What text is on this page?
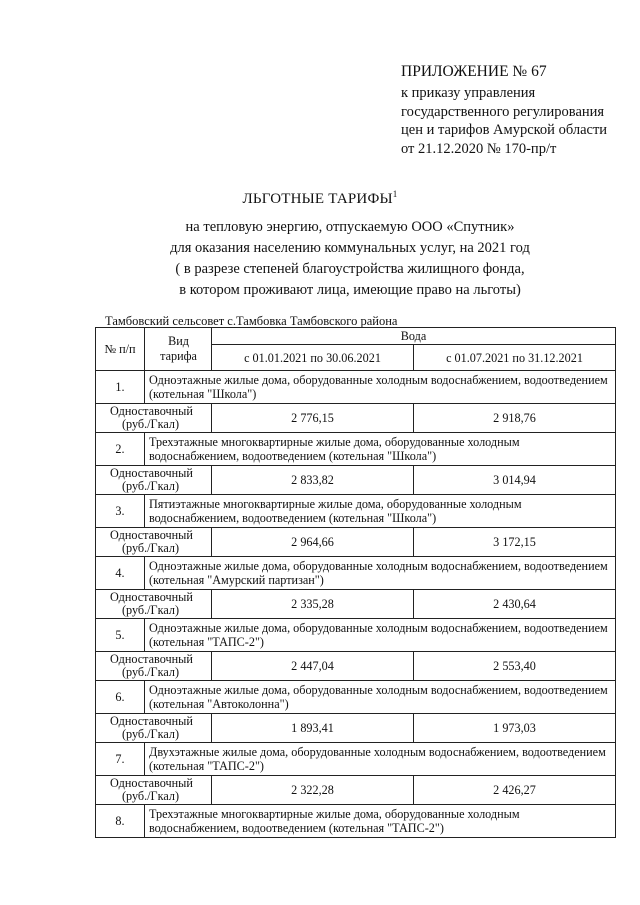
ПРИЛОЖЕНИЕ № 67
к приказу управления
государственного регулирования
цен и тарифов Амурской области
от 21.12.2020 № 170-пр/т
ЛЬГОТНЫЕ ТАРИФЫ$^1$
на тепловую энергию, отпускаемую ООО «Спутник»
для оказания населению коммунальных услуг, на 2021 год
( в разрезе степеней благоустройства жилищного фонда,
в котором проживают лица, имеющие право на льготы)
Тамбовский сельсовет с.Тамбовка Тамбовского района
№ п/п	Вид тарифа	Вода	
		с 01.01.2021 по 30.06.2021	с 01.07.2021 по 31.12.2021
1.	Одноэтажные жилые дома, оборудованные холодным водоснабжением, водоотведением (котельная "Школа")		

Одноставочный
(руб./Гкал)		2 776,15	2 918,76
2.	Трехэтажные многоквартирные жилые дома, оборудованные холодным водоснабжением, водоотведением (котельная "Школа")		

Одноставочный
(руб./Гкал)		2 833,82	3 014,94
3.	Пятиэтажные многоквартирные жилые дома, оборудованные холодным водоснабжением, водоотведением (котельная "Школа")		

Одноставочный
(руб./Гкал)		2 964,66	3 172,15
4.	Одноэтажные жилые дома, оборудованные холодным водоснабжением, водоотведением (котельная "Амурский партизан")		

Одноставочный
(руб./Гкал)		2 335,28	2 430,64
5.	Одноэтажные жилые дома, оборудованные холодным водоснабжением, водоотведением (котельная "ТАПС-2")		

Одноставочный
(руб./Гкал)		2 447,04	2 553,40
6.	Одноэтажные жилые дома, оборудованные холодным водоснабжением, водоотведением (котельная "Автоколонна")		

Одноставочный
(руб./Гкал)		1 893,41	1 973,03
7.	Двухэтажные жилые дома, оборудованные холодным водоснабжением, водоотведением (котельная "ТАПС-2")		

Одноставочный
(руб./Гкал)		2 322,28	2 426,27
8.	Трехэтажные многоквартирные жилые дома, оборудованные холодным водоснабжением, водоотведением (котельная "ТАПС-2")		
